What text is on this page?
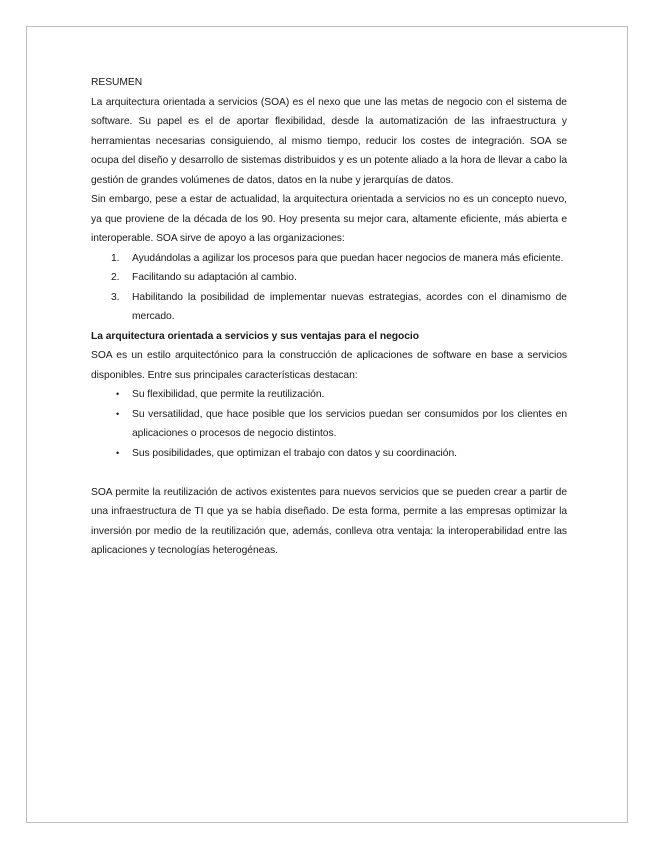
RESUMEN

La arquitectura orientada a servicios (SOA) es el nexo que une las metas de negocio con el sistema de software. Su papel es el de aportar flexibilidad, desde la automatización de las infraestructura y herramientas necesarias consiguiendo, al mismo tiempo, reducir los costes de integración. SOA se ocupa del diseño y desarrollo de sistemas distribuidos y es un potente aliado a la hora de llevar a cabo la gestión de grandes volúmenes de datos, datos en la nube y jerarquías de datos.

Sin embargo, pese a estar de actualidad, la arquitectura orientada a servicios no es un concepto nuevo, ya que proviene de la década de los 90. Hoy presenta su mejor cara, altamente eficiente, más abierta e interoperable. SOA sirve de apoyo a las organizaciones:

1. Ayudándolas a agilizar los procesos para que puedan hacer negocios de manera más eficiente.
2. Facilitando su adaptación al cambio.
3. Habilitando la posibilidad de implementar nuevas estrategias, acordes con el dinamismo de mercado.

La arquitectura orientada a servicios y sus ventajas para el negocio

SOA es un estilo arquitectónico para la construcción de aplicaciones de software en base a servicios disponibles. Entre sus principales características destacan:

• Su flexibilidad, que permite la reutilización.
• Su versatilidad, que hace posible que los servicios puedan ser consumidos por los clientes en aplicaciones o procesos de negocio distintos.
• Sus posibilidades, que optimizan el trabajo con datos y su coordinación.

SOA permite la reutilización de activos existentes para nuevos servicios que se pueden crear a partir de una infraestructura de TI que ya se había diseñado. De esta forma, permite a las empresas optimizar la inversión por medio de la reutilización que, además, conlleva otra ventaja: la interoperabilidad entre las aplicaciones y tecnologías heterogéneas.
